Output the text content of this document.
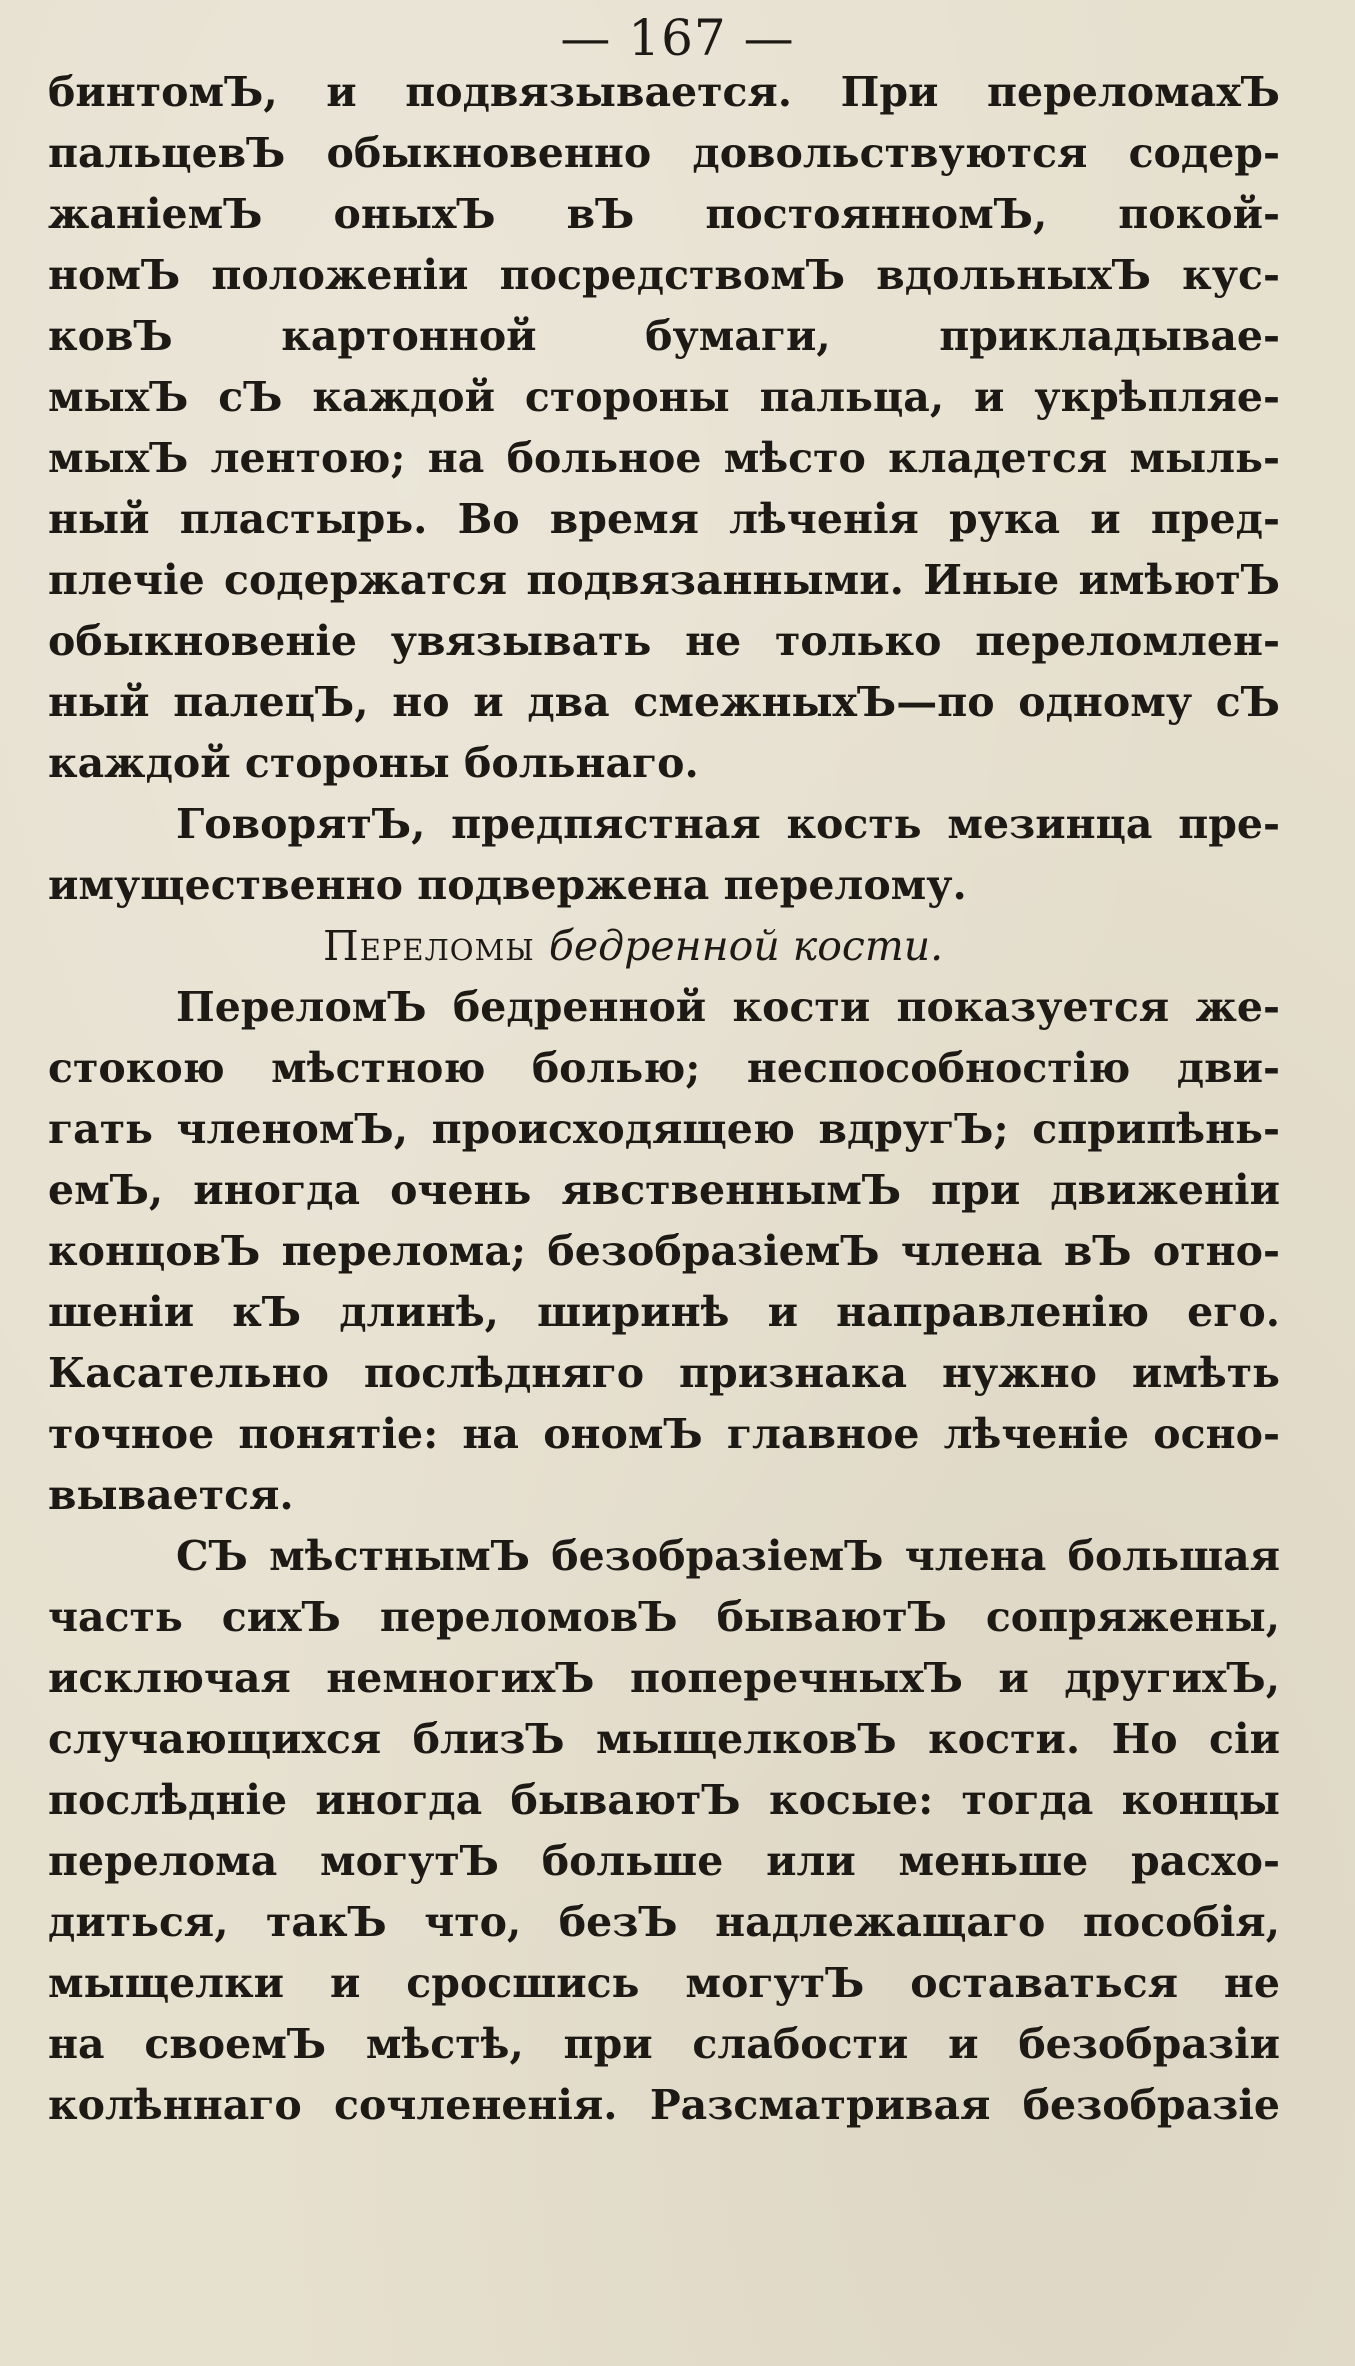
— 167 —
бинтомЪ, и подвязывается. При переломахЪ
пальцевЪ обыкновенно довольствуются содер-
жаніемЪ оныхЪ вЪ постоянномЪ, покой-
номЪ положеніи посредствомЪ вдольныхЪ кус-
ковЪ картонной бумаги, прикладывае-
мыхЪ сЪ каждой стороны пальца, и укрѣпляе-
мыхЪ лентою; на больное мѣсто кладется мыль-
ный пластырь. Во время лѣченія рука и пред-
плечіе содержатся подвязанными. Иные имѣютЪ
обыкновеніе увязывать не только переломлен-
ный палецЪ, но и два смежныхЪ—по одному сЪ
каждой стороны больнаго.
ГоворятЪ, предпястная кость мезинца пре-
имущественно подвержена перелому.
Переломы бедренной кости.
ПереломЪ бедренной кости показуется же-
стокою мѣстною болью; неспособностію дви-
гать членомЪ, происходящею вдругЪ; сприпѣнь-
емЪ, иногда очень явственнымЪ при движеніи
концовЪ перелома; безобразіемЪ члена вЪ отно-
шеніи кЪ длинѣ, ширинѣ и направленію его.
Касательно послѣдняго признака нужно имѣть
точное понятіе: на ономЪ главное лѣченіе осно-
вывается.
СЪ мѣстнымЪ безобразіемЪ члена большая
часть сихЪ переломовЪ бываютЪ сопряжены,
исключая немногихЪ поперечныхЪ и другихЪ,
случающихся близЪ мыщелковЪ кости. Но сіи
послѣдніе иногда бываютЪ косые: тогда концы
перелома могутЪ больше или меньше расхо-
диться, такЪ что, безЪ надлежащаго пособія,
мыщелки и сросшись могутЪ оставаться не
на своемЪ мѣстѣ, при слабости и безобразіи
колѣннаго сочлененія. Разсматривая безобразіе
